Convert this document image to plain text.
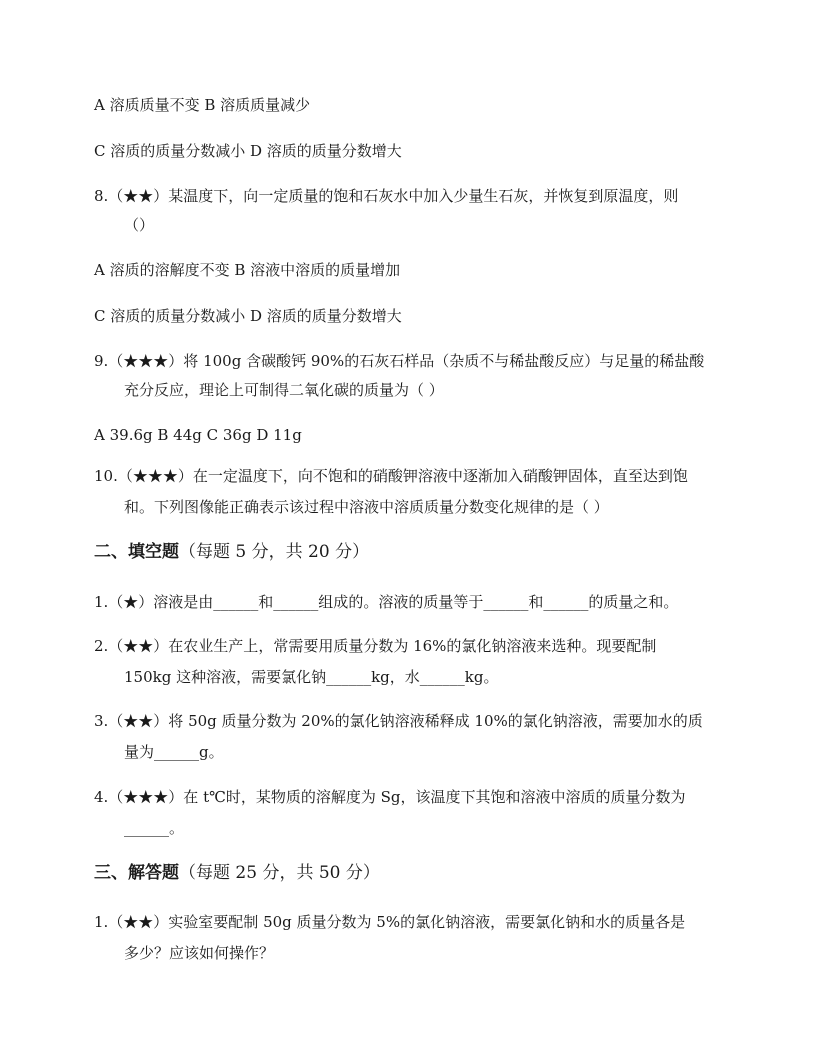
A 溶质质量不变 B 溶质质量减少
C 溶质的质量分数减小 D 溶质的质量分数增大
8.（★★）某温度下，向一定质量的饱和石灰水中加入少量生石灰，并恢复到原温度，则
（）
A 溶质的溶解度不变 B 溶液中溶质的质量增加
C 溶质的质量分数减小 D 溶质的质量分数增大
9.（★★★）将 100g 含碳酸钙 90%的石灰石样品（杂质不与稀盐酸反应）与足量的稀盐酸
充分反应，理论上可制得二氧化碳的质量为（ ）
A 39.6g B 44g C 36g D 11g
10.（★★★）在一定温度下，向不饱和的硝酸钾溶液中逐渐加入硝酸钾固体，直至达到饱
和。下列图像能正确表示该过程中溶液中溶质质量分数变化规律的是（ ）
二、填空题（每题 5 分，共 20 分）
1.（★）溶液是由______和______组成的。溶液的质量等于______和______的质量之和。
2.（★★）在农业生产上，常需要用质量分数为 16%的氯化钠溶液来选种。现要配制
150kg 这种溶液，需要氯化钠______kg，水______kg。
3.（★★）将 50g 质量分数为 20%的氯化钠溶液稀释成 10%的氯化钠溶液，需要加水的质
量为______g。
4.（★★★）在 t℃时，某物质的溶解度为 Sg，该温度下其饱和溶液中溶质的质量分数为
______。
三、解答题（每题 25 分，共 50 分）
1.（★★）实验室要配制 50g 质量分数为 5%的氯化钠溶液，需要氯化钠和水的质量各是
多少？应该如何操作？
